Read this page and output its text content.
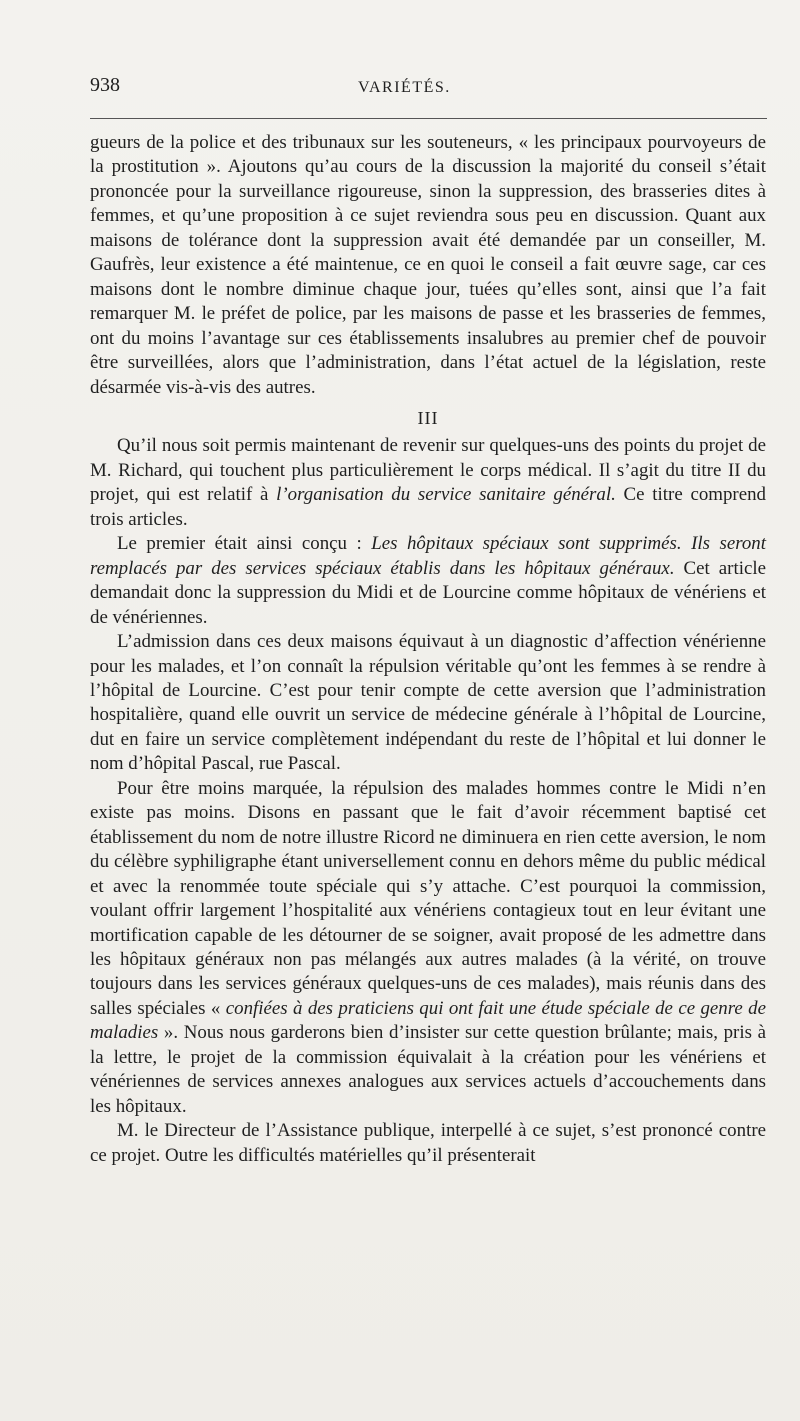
938	VARIÉTÉS.

gueurs de la police et des tribunaux sur les souteneurs, « les principaux pourvoyeurs de la prostitution ». Ajoutons qu’au cours de la discussion la majorité du conseil s’était prononcée pour la surveillance rigoureuse, sinon la suppression, des brasseries dites à femmes, et qu’une proposition à ce sujet reviendra sous peu en discussion. Quant aux maisons de tolérance dont la suppression avait été demandée par un conseiller, M. Gaufrès, leur existence a été maintenue, ce en quoi le conseil a fait œuvre sage, car ces maisons dont le nombre diminue chaque jour, tuées qu’elles sont, ainsi que l’a fait remarquer M. le préfet de police, par les maisons de passe et les brasseries de femmes, ont du moins l’avantage sur ces établissements insalubres au premier chef de pouvoir être surveillées, alors que l’administration, dans l’état actuel de la législation, reste désarmée vis-à-vis des autres.

III

Qu’il nous soit permis maintenant de revenir sur quelques-uns des points du projet de M. Richard, qui touchent plus particulièrement le corps médical. Il s’agit du titre II du projet, qui est relatif à l’organisation du service sanitaire général. Ce titre comprend trois articles.

Le premier était ainsi conçu : Les hôpitaux spéciaux sont supprimés. Ils seront remplacés par des services spéciaux établis dans les hôpitaux généraux. Cet article demandait donc la suppression du Midi et de Lourcine comme hôpitaux de vénériens et de vénériennes.

L’admission dans ces deux maisons équivaut à un diagnostic d’affection vénérienne pour les malades, et l’on connaît la répulsion véritable qu’ont les femmes à se rendre à l’hôpital de Lourcine. C’est pour tenir compte de cette aversion que l’administration hospitalière, quand elle ouvrit un service de médecine générale à l’hôpital de Lourcine, dut en faire un service complètement indépendant du reste de l’hôpital et lui donner le nom d’hôpital Pascal, rue Pascal.

Pour être moins marquée, la répulsion des malades hommes contre le Midi n’en existe pas moins. Disons en passant que le fait d’avoir récemment baptisé cet établissement du nom de notre illustre Ricord ne diminuera en rien cette aversion, le nom du célèbre syphiligraphe étant universellement connu en dehors même du public médical et avec la renommée toute spéciale qui s’y attache. C’est pourquoi la commission, voulant offrir largement l’hospitalité aux vénériens contagieux tout en leur évitant une mortification capable de les détourner de se soigner, avait proposé de les admettre dans les hôpitaux généraux non pas mélangés aux autres malades (à la vérité, on trouve toujours dans les services généraux quelques-uns de ces malades), mais réunis dans des salles spéciales « confiées à des praticiens qui ont fait une étude spéciale de ce genre de maladies ». Nous nous garderons bien d’insister sur cette question brûlante; mais, pris à la lettre, le projet de la commission équivalait à la création pour les vénériens et vénériennes de services annexes analogues aux services actuels d’accouchements dans les hôpitaux.

M. le Directeur de l’Assistance publique, interpellé à ce sujet, s’est prononcé contre ce projet. Outre les difficultés matérielles qu’il présenterait
